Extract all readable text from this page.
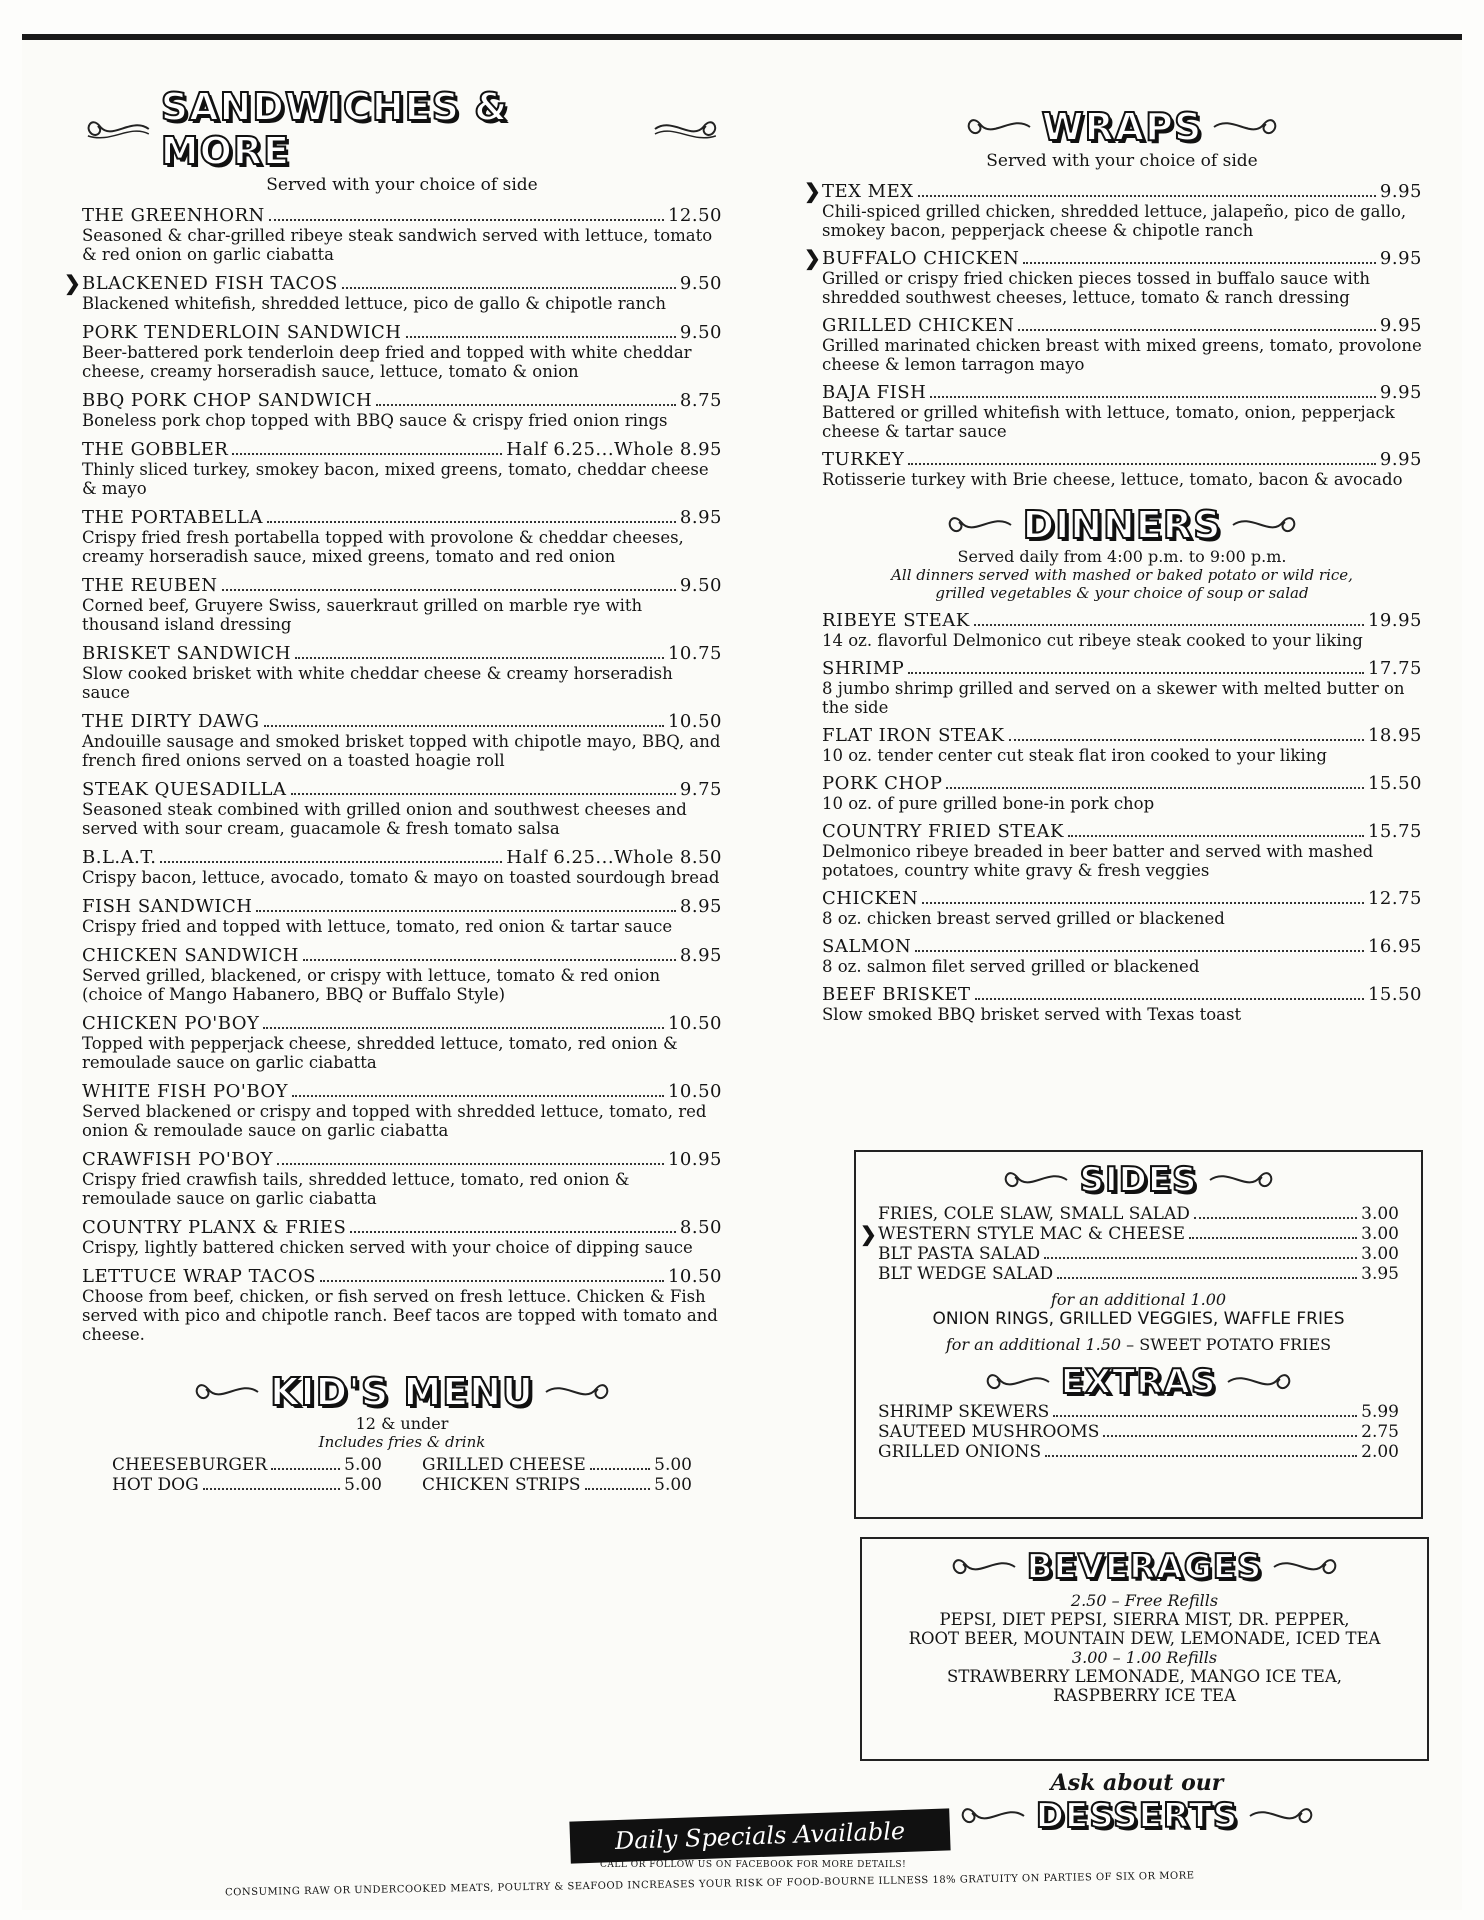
SANDWICHES & MORE
Served with your choice of side
THE GREENHORN	12.50
Seasoned & char-grilled ribeye steak sandwich served with lettuce, tomato & red onion on garlic ciabatta
❯ BLACKENED FISH TACOS	9.50
Blackened whitefish, shredded lettuce, pico de gallo & chipotle ranch
PORK TENDERLOIN SANDWICH	9.50
Beer-battered pork tenderloin deep fried and topped with white cheddar cheese, creamy horseradish sauce, lettuce, tomato & onion
BBQ PORK CHOP SANDWICH	8.75
Boneless pork chop topped with BBQ sauce & crispy fried onion rings
THE GOBBLER	Half 6.25...Whole 8.95
Thinly sliced turkey, smokey bacon, mixed greens, tomato, cheddar cheese & mayo
THE PORTABELLA	8.95
Crispy fried fresh portabella topped with provolone & cheddar cheeses, creamy horseradish sauce, mixed greens, tomato and red onion
THE REUBEN	9.50
Corned beef, Gruyere Swiss, sauerkraut grilled on marble rye with thousand island dressing
BRISKET SANDWICH	10.75
Slow cooked brisket with white cheddar cheese & creamy horseradish sauce
THE DIRTY DAWG	10.50
Andouille sausage and smoked brisket topped with chipotle mayo, BBQ, and french fired onions served on a toasted hoagie roll
STEAK QUESADILLA	9.75
Seasoned steak combined with grilled onion and southwest cheeses and served with sour cream, guacamole & fresh tomato salsa
B.L.A.T.	Half 6.25...Whole 8.50
Crispy bacon, lettuce, avocado, tomato & mayo on toasted sourdough bread
FISH SANDWICH	8.95
Crispy fried and topped with lettuce, tomato, red onion & tartar sauce
CHICKEN SANDWICH	8.95
Served grilled, blackened, or crispy with lettuce, tomato & red onion (choice of Mango Habanero, BBQ or Buffalo Style)
CHICKEN PO'BOY	10.50
Topped with pepperjack cheese, shredded lettuce, tomato, red onion & remoulade sauce on garlic ciabatta
WHITE FISH PO'BOY	10.50
Served blackened or crispy and topped with shredded lettuce, tomato, red onion & remoulade sauce on garlic ciabatta
CRAWFISH PO'BOY	10.95
Crispy fried crawfish tails, shredded lettuce, tomato, red onion & remoulade sauce on garlic ciabatta
COUNTRY PLANX & FRIES	8.50
Crispy, lightly battered chicken served with your choice of dipping sauce
LETTUCE WRAP TACOS	10.50
Choose from beef, chicken, or fish served on fresh lettuce. Chicken & Fish served with pico and chipotle ranch. Beef tacos are topped with tomato and cheese.
KID'S MENU
12 & under
Includes fries & drink
CHEESEBURGER	5.00 GRILLED CHEESE	5.00
HOT DOG	5.00 CHICKEN STRIPS	5.00
WRAPS
Served with your choice of side
❯ TEX MEX	9.95
Chili-spiced grilled chicken, shredded lettuce, jalapeño, pico de gallo, smokey bacon, pepperjack cheese & chipotle ranch
❯ BUFFALO CHICKEN	9.95
Grilled or crispy fried chicken pieces tossed in buffalo sauce with shredded southwest cheeses, lettuce, tomato & ranch dressing
GRILLED CHICKEN	9.95
Grilled marinated chicken breast with mixed greens, tomato, provolone cheese & lemon tarragon mayo
BAJA FISH	9.95
Battered or grilled whitefish with lettuce, tomato, onion, pepperjack cheese & tartar sauce
TURKEY	9.95
Rotisserie turkey with Brie cheese, lettuce, tomato, bacon & avocado
DINNERS
Served daily from 4:00 p.m. to 9:00 p.m.
All dinners served with mashed or baked potato or wild rice,
grilled vegetables & your choice of soup or salad
RIBEYE STEAK	19.95
14 oz. flavorful Delmonico cut ribeye steak cooked to your liking
SHRIMP	17.75
8 jumbo shrimp grilled and served on a skewer with melted butter on the side
FLAT IRON STEAK	18.95
10 oz. tender center cut steak flat iron cooked to your liking
PORK CHOP	15.50
10 oz. of pure grilled bone-in pork chop
COUNTRY FRIED STEAK	15.75
Delmonico ribeye breaded in beer batter and served with mashed potatoes, country white gravy & fresh veggies
CHICKEN	12.75
8 oz. chicken breast served grilled or blackened
SALMON	16.95
8 oz. salmon filet served grilled or blackened
BEEF BRISKET	15.50
Slow smoked BBQ brisket served with Texas toast
SIDES
FRIES, COLE SLAW, SMALL SALAD	3.00
❯ WESTERN STYLE MAC & CHEESE	3.00
BLT PASTA SALAD	3.00
BLT WEDGE SALAD	3.95
for an additional 1.00
ONION RINGS, GRILLED VEGGIES, WAFFLE FRIES
for an additional 1.50 – SWEET POTATO FRIES
EXTRAS
SHRIMP SKEWERS	5.99
SAUTEED MUSHROOMS	2.75
GRILLED ONIONS	2.00
BEVERAGES
2.50 – Free Refills
PEPSI, DIET PEPSI, SIERRA MIST, DR. PEPPER,
ROOT BEER, MOUNTAIN DEW, LEMONADE, ICED TEA
3.00 – 1.00 Refills
STRAWBERRY LEMONADE, MANGO ICE TEA,
RASPBERRY ICE TEA
Ask about our
DESSERTS
Daily Specials Available
CALL OR FOLLOW US ON FACEBOOK FOR MORE DETAILS!
CONSUMING RAW OR UNDERCOOKED MEATS, POULTRY & SEAFOOD INCREASES YOUR RISK OF FOOD-BOURNE ILLNESS 18% GRATUITY ON PARTIES OF SIX OR MORE
